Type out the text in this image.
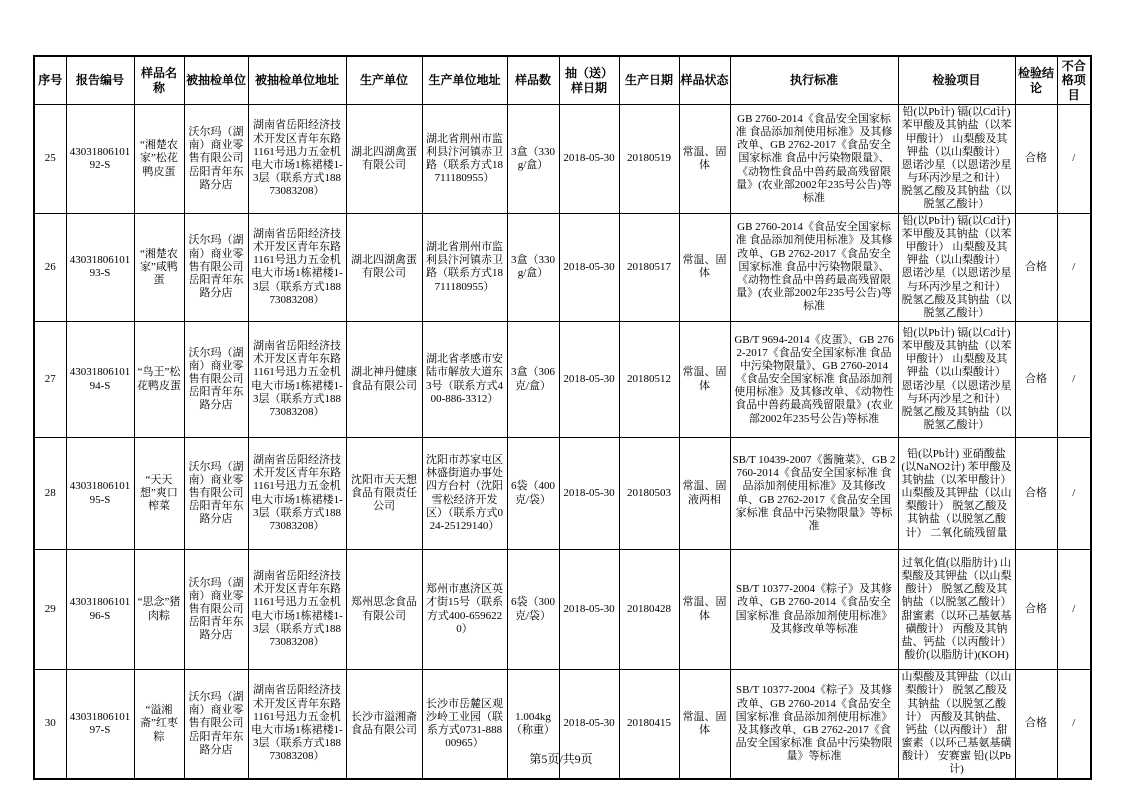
序号	报告编号	样品名称	被抽检单位	被抽检单位地址	生产单位	生产单位地址	样品数	抽（送）样日期	生产日期	样品状态	执行标准	检验项目	检验结论	不合格项目
25	4303180610192-S	“湘楚农家”松花鸭皮蛋	沃尔玛（湖南）商业零售有限公司岳阳青年东路分店	湖南省岳阳经济技术开发区青年东路1161号迅力五金机电大市场1栋裙楼1-3层（联系方式18873083208）	湖北四湖禽蛋有限公司	湖北省荆州市监利县汴河镇赤卫路（联系方式18711180955）	3盒（330g/盒）	2018-05-30	20180519	常温、固体	GB 2760-2014《食品安全国家标准 食品添加剂使用标准》及其修改单、GB 2762-2017《食品安全国家标准 食品中污染物限量》、《动物性食品中兽药最高残留限量》(农业部2002年235号公告)等标准	铅(以Pb计) 镉(以Cd计) 苯甲酸及其钠盐（以苯甲酸计） 山梨酸及其钾盐（以山梨酸计） 恩诺沙星（以恩诺沙星与环丙沙星之和计） 脱氢乙酸及其钠盐（以脱氢乙酸计）	合格	/
26	4303180610193-S	“湘楚农家”咸鸭蛋	沃尔玛（湖南）商业零售有限公司岳阳青年东路分店	湖南省岳阳经济技术开发区青年东路1161号迅力五金机电大市场1栋裙楼1-3层（联系方式18873083208）	湖北四湖禽蛋有限公司	湖北省荆州市监利县汴河镇赤卫路（联系方式18711180955）	3盒（330g/盒）	2018-05-30	20180517	常温、固体	GB 2760-2014《食品安全国家标准 食品添加剂使用标准》及其修改单、GB 2762-2017《食品安全国家标准 食品中污染物限量》、《动物性食品中兽药最高残留限量》(农业部2002年235号公告)等标准	铅(以Pb计) 镉(以Cd计) 苯甲酸及其钠盐（以苯甲酸计） 山梨酸及其钾盐（以山梨酸计） 恩诺沙星（以恩诺沙星与环丙沙星之和计） 脱氢乙酸及其钠盐（以脱氢乙酸计）	合格	/
27	4303180610194-S	“鸟王”松花鸭皮蛋	沃尔玛（湖南）商业零售有限公司岳阳青年东路分店	湖南省岳阳经济技术开发区青年东路1161号迅力五金机电大市场1栋裙楼1-3层（联系方式18873083208）	湖北神丹健康食品有限公司	湖北省孝感市安陆市解放大道东3号（联系方式400-886-3312）	3盒（306克/盒）	2018-05-30	20180512	常温、固体	GB/T 9694-2014《皮蛋》、GB 2762-2017《食品安全国家标准 食品中污染物限量》、GB 2760-2014《食品安全国家标准 食品添加剂使用标准》及其修改单、《动物性食品中兽药最高残留限量》(农业部2002年235号公告)等标准	铅(以Pb计) 镉(以Cd计) 苯甲酸及其钠盐（以苯甲酸计） 山梨酸及其钾盐（以山梨酸计） 恩诺沙星（以恩诺沙星与环丙沙星之和计） 脱氢乙酸及其钠盐（以脱氢乙酸计）	合格	/
28	4303180610195-S	“天天想”爽口榨菜	沃尔玛（湖南）商业零售有限公司岳阳青年东路分店	湖南省岳阳经济技术开发区青年东路1161号迅力五金机电大市场1栋裙楼1-3层（联系方式18873083208）	沈阳市天天想食品有限责任公司	沈阳市苏家屯区林盛街道办事处四方台村（沈阳雪松经济开发区）（联系方式024-25129140）	6袋（400克/袋）	2018-05-30	20180503	常温、固液两相	SB/T 10439-2007《酱腌菜》、GB 2760-2014《食品安全国家标准 食品添加剂使用标准》及其修改单、GB 2762-2017《食品安全国家标准 食品中污染物限量》等标准	铅(以Pb计) 亚硝酸盐(以NaNO2计) 苯甲酸及其钠盐（以苯甲酸计） 山梨酸及其钾盐（以山梨酸计） 脱氢乙酸及其钠盐（以脱氢乙酸计） 二氧化硫残留量	合格	/
29	4303180610196-S	“思念”猪肉粽	沃尔玛（湖南）商业零售有限公司岳阳青年东路分店	湖南省岳阳经济技术开发区青年东路1161号迅力五金机电大市场1栋裙楼1-3层（联系方式18873083208）	郑州思念食品有限公司	郑州市惠济区英才街15号（联系方式400-6596220）	6袋（300克/袋）	2018-05-30	20180428	常温、固体	SB/T 10377-2004《粽子》及其修改单、GB 2760-2014《食品安全国家标准 食品添加剂使用标准》及其修改单等标准	过氧化值(以脂肪计) 山梨酸及其钾盐（以山梨酸计） 脱氢乙酸及其钠盐（以脱氢乙酸计） 甜蜜素（以环己基氨基磺酸计） 丙酸及其钠盐、钙盐（以丙酸计） 酸价(以脂肪计)(KOH)	合格	/
30	4303180610197-S	“溢湘斋”红枣粽	沃尔玛（湖南）商业零售有限公司岳阳青年东路分店	湖南省岳阳经济技术开发区青年东路1161号迅力五金机电大市场1栋裙楼1-3层（联系方式18873083208）	长沙市溢湘斋食品有限公司	长沙市岳麓区观沙岭工业园（联系方式0731-88800965）	1.004kg（称重）	2018-05-30	20180415	常温、固体	SB/T 10377-2004《粽子》及其修改单、GB 2760-2014《食品安全国家标准 食品添加剂使用标准》及其修改单、GB 2762-2017《食品安全国家标准 食品中污染物限量》等标准	山梨酸及其钾盐（以山梨酸计） 脱氢乙酸及其钠盐（以脱氢乙酸计） 丙酸及其钠盐、钙盐（以丙酸计） 甜蜜素（以环己基氨基磺酸计） 安赛蜜 铅(以Pb计)	合格	/
第5页/共9页
